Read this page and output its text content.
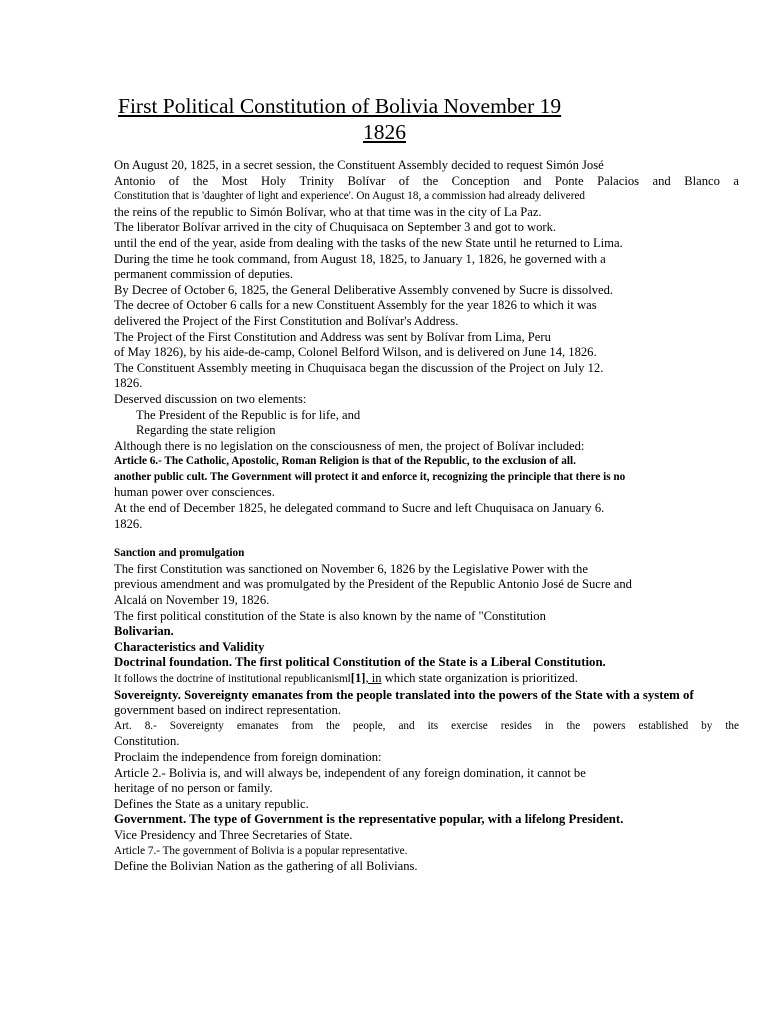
First Political Constitution of Bolivia November 19
1826
On August 20, 1825, in a secret session, the Constituent Assembly decided to request Simón José
Antonio of the Most Holy Trinity Bolívar of the Conception and Ponte Palacios and Blanco a
Constitution that is 'daughter of light and experience'. On August 18, a commission had already delivered
the reins of the republic to Simón Bolívar, who at that time was in the city of La Paz.
The liberator Bolívar arrived in the city of Chuquisaca on September 3 and got to work.
until the end of the year, aside from dealing with the tasks of the new State until he returned to Lima.
During the time he took command, from August 18, 1825, to January 1, 1826, he governed with a
permanent commission of deputies.
By Decree of October 6, 1825, the General Deliberative Assembly convened by Sucre is dissolved.
The decree of October 6 calls for a new Constituent Assembly for the year 1826 to which it was
delivered the Project of the First Constitution and Bolívar's Address.
The Project of the First Constitution and Address was sent by Bolívar from Lima, Peru
of May 1826), by his aide-de-camp, Colonel Belford Wilson, and is delivered on June 14, 1826.
The Constituent Assembly meeting in Chuquisaca began the discussion of the Project on July 12.
1826.
Deserved discussion on two elements:
The President of the Republic is for life, and
Regarding the state religion
Although there is no legislation on the consciousness of men, the project of Bolívar included:
Article 6.- The Catholic, Apostolic, Roman Religion is that of the Republic, to the exclusion of all.
another public cult. The Government will protect it and enforce it, recognizing the principle that there is no
human power over consciences.
At the end of December 1825, he delegated command to Sucre and left Chuquisaca on January 6.
1826.
Sanction and promulgation
The first Constitution was sanctioned on November 6, 1826 by the Legislative Power with the
previous amendment and was promulgated by the President of the Republic Antonio José de Sucre and
Alcalá on November 19, 1826.
The first political constitution of the State is also known by the name of "Constitution
Bolivarian.
Characteristics and Validity
Doctrinal foundation. The first political Constitution of the State is a Liberal Constitution.
It follows the doctrine of institutional republicanisml[1], in which state organization is prioritized.
Sovereignty. Sovereignty emanates from the people translated into the powers of the State with a system of
government based on indirect representation.
Art. 8.- Sovereignty emanates from the people, and its exercise resides in the powers established by the
Constitution.
Proclaim the independence from foreign domination:
Article 2.- Bolivia is, and will always be, independent of any foreign domination, it cannot be
heritage of no person or family.
Defines the State as a unitary republic.
Government. The type of Government is the representative popular, with a lifelong President.
Vice Presidency and Three Secretaries of State.
Article 7.- The government of Bolivia is a popular representative.
Define the Bolivian Nation as the gathering of all Bolivians.
